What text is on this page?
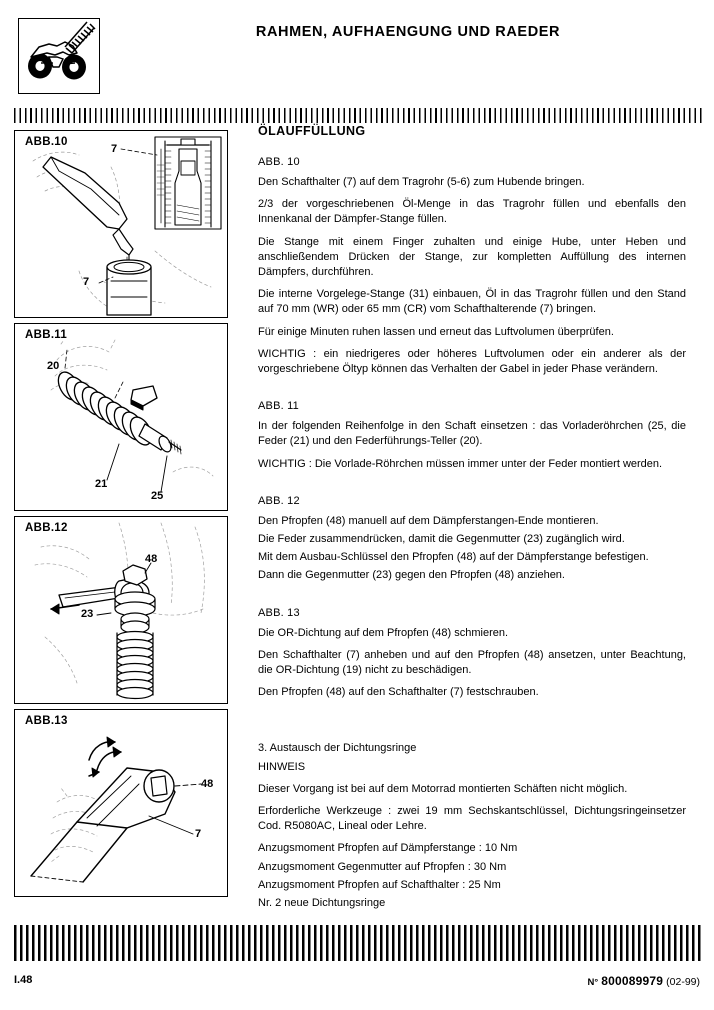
RAHMEN, AUFHAENGUNG UND RAEDER
ABB.10
7
7
ABB.11
20
21
25
ABB.12
48
23
ABB.13
48
7
ÖLAUFFÜLLUNG
ABB. 10
Den Schafthalter (7) auf dem Tragrohr (5-6) zum Hubende bringen.
2/3 der vorgeschriebenen Öl-Menge in das Tragrohr füllen und ebenfalls den Innenkanal der Dämpfer-Stange füllen.
Die Stange mit einem Finger zuhalten und einige Hube, unter Heben und anschließendem Drücken der Stange, zur kompletten Auffüllung des internen Dämpfers, durchführen.
Die interne Vorgelege-Stange (31) einbauen, Öl in das Tragrohr füllen und den Stand auf 70 mm (WR) oder 65 mm (CR) vom Schafthalterende (7) bringen.
Für einige Minuten ruhen lassen und erneut das Luftvolumen überprüfen.
WICHTIG : ein niedrigeres oder höheres Luftvolumen oder ein anderer als der vorgeschriebene Öltyp können das Verhalten der Gabel in jeder Phase verändern.
ABB. 11
In der folgenden Reihenfolge in den Schaft einsetzen : das Vorladeröhrchen (25, die Feder (21) und den Federführungs-Teller (20).
WICHTIG : Die Vorlade-Röhrchen müssen immer unter der Feder montiert werden.
ABB. 12
Den Pfropfen (48) manuell auf dem Dämpferstangen-Ende montieren.
Die Feder zusammendrücken, damit die Gegenmutter (23) zugänglich wird.
Mit dem Ausbau-Schlüssel den Pfropfen (48) auf der Dämpferstange befestigen.
Dann die Gegenmutter (23) gegen den Pfropfen (48) anziehen.
ABB. 13
Die OR-Dichtung auf dem Pfropfen (48) schmieren.
Den Schafthalter (7) anheben und auf den Pfropfen (48) ansetzen, unter Beachtung, die OR-Dichtung (19) nicht zu beschädigen.
Den Pfropfen (48) auf den Schafthalter (7) festschrauben.
3. Austausch der Dichtungsringe
HINWEIS
Dieser Vorgang ist bei auf dem Motorrad montierten Schäften nicht möglich.
Erforderliche Werkzeuge : zwei 19 mm Sechskantschlüssel, Dichtungsringeinsetzer Cod. R5080AC, Lineal oder Lehre.
Anzugsmoment Pfropfen auf Dämpferstange : 10 Nm
Anzugsmoment Gegenmutter auf Pfropfen : 30 Nm
Anzugsmoment Pfropfen auf Schafthalter : 25 Nm
Nr. 2 neue Dichtungsringe
I.48	N° 800089979 (02-99)
